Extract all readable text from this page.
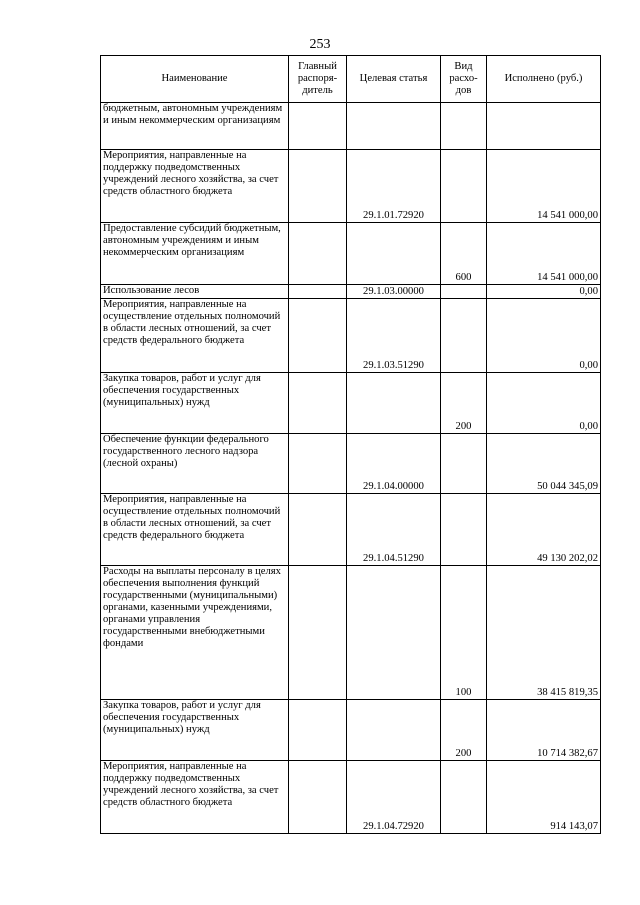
253
Наименование	Главный распоря-дитель	Целевая статья	Вид расхо-дов	Исполнено (руб.)
бюджетным, автономным учреждениям и иным некоммерческим организациям				
Мероприятия, направленные на поддержку подведомственных учреждений лесного хозяйства, за счет средств областного бюджета		29.1.01.72920		14 541 000,00
Предоставление субсидий бюджетным, автономным учреждениям и иным некоммерческим организациям			600	14 541 000,00
Использование лесов		29.1.03.00000		0,00
Мероприятия, направленные на осуществление отдельных полномочий в области лесных отношений, за счет средств федерального бюджета		29.1.03.51290		0,00
Закупка товаров, работ и услуг для обеспечения государственных (муниципальных) нужд			200	0,00
Обеспечение функции федерального государственного лесного надзора (лесной охраны)		29.1.04.00000		50 044 345,09
Мероприятия, направленные на осуществление отдельных полномочий в области лесных отношений, за счет средств федерального бюджета		29.1.04.51290		49 130 202,02
Расходы на выплаты персоналу в целях обеспечения выполнения функций государственными (муниципальными) органами, казенными учреждениями, органами управления государственными внебюджетными фондами			100	38 415 819,35
Закупка товаров, работ и услуг для обеспечения государственных (муниципальных) нужд			200	10 714 382,67
Мероприятия, направленные на поддержку подведомственных учреждений лесного хозяйства, за счет средств областного бюджета		29.1.04.72920		914 143,07
